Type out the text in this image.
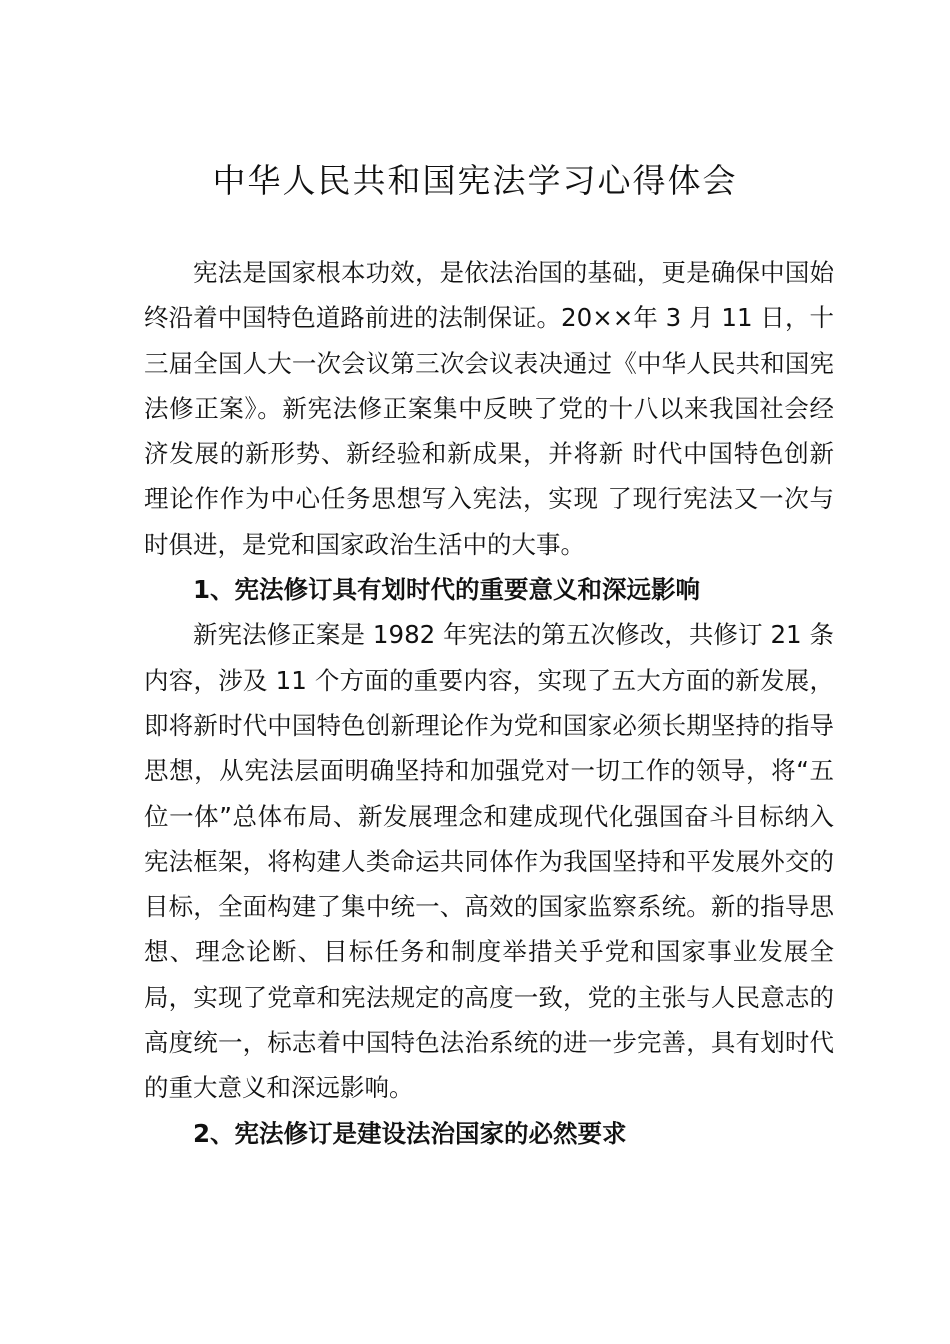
中华人民共和国宪法学习心得体会

宪法是国家根本功效，是依法治国的基础，更是确保中国始终沿着中国特色道路前进的法制保证。20××年 3 月 11 日，十三届全国人大一次会议第三次会议表决通过《中华人民共和国宪法修正案》。新宪法修正案集中反映了党的十八以来我国社会经济发展的新形势、新经验和新成果，并将新 时代中国特色创新理论作作为中心任务思想写入宪法，实现 了现行宪法又一次与时俱进，是党和国家政治生活中的大事。

1、宪法修订具有划时代的重要意义和深远影响

新宪法修正案是 1982 年宪法的第五次修改，共修订 21 条内容，涉及 11 个方面的重要内容，实现了五大方面的新发展，即将新时代中国特色创新理论作为党和国家必须长期坚持的指导思想，从宪法层面明确坚持和加强党对一切工作的领导，将“五位一体”总体布局、新发展理念和建成现代化强国奋斗目标纳入宪法框架，将构建人类命运共同体作为我国坚持和平发展外交的目标，全面构建了集中统一、高效的国家监察系统。新的指导思想、理念论断、目标任务和制度举措关乎党和国家事业发展全局，实现了党章和宪法规定的高度一致，党的主张与人民意志的高度统一，标志着中国特色法治系统的进一步完善，具有划时代的重大意义和深远影响。

2、宪法修订是建设法治国家的必然要求
